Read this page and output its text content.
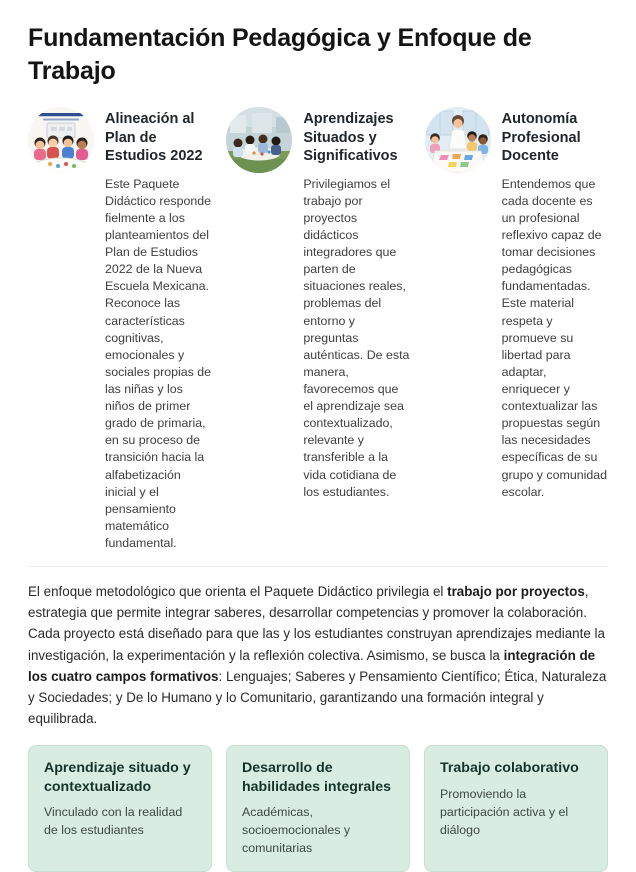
Fundamentación Pedagógica y Enfoque de Trabajo
Alineación al Plan de Estudios 2022

Este Paquete Didáctico responde fielmente a los planteamientos del Plan de Estudios 2022 de la Nueva Escuela Mexicana. Reconoce las características cognitivas, emocionales y sociales propias de las niñas y los niños de primer grado de primaria, en su proceso de transición hacia la alfabetización inicial y el pensamiento matemático fundamental.

Aprendizajes Situados y Significativos

Privilegiamos el trabajo por proyectos didácticos integradores que parten de situaciones reales, problemas del entorno y preguntas auténticas. De esta manera, favorecemos que el aprendizaje sea contextualizado, relevante y transferible a la vida cotidiana de los estudiantes.

Autonomía Profesional Docente

Entendemos que cada docente es un profesional reflexivo capaz de tomar decisiones pedagógicas fundamentadas. Este material respeta y promueve su libertad para adaptar, enriquecer y contextualizar las propuestas según las necesidades específicas de su grupo y comunidad escolar.

El enfoque metodológico que orienta el Paquete Didáctico privilegia el trabajo por proyectos, estrategia que permite integrar saberes, desarrollar competencias y promover la colaboración. Cada proyecto está diseñado para que las y los estudiantes construyan aprendizajes mediante la investigación, la experimentación y la reflexión colectiva. Asimismo, se busca la integración de los cuatro campos formativos: Lenguajes; Saberes y Pensamiento Científico; Ética, Naturaleza y Sociedades; y De lo Humano y lo Comunitario, garantizando una formación integral y equilibrada.
Aprendizaje situado y contextualizado

Vinculado con la realidad de los estudiantes

Desarrollo de habilidades integrales

Académicas, socioemocionales y comunitarias

Trabajo colaborativo

Promoviendo la participación activa y el diálogo
